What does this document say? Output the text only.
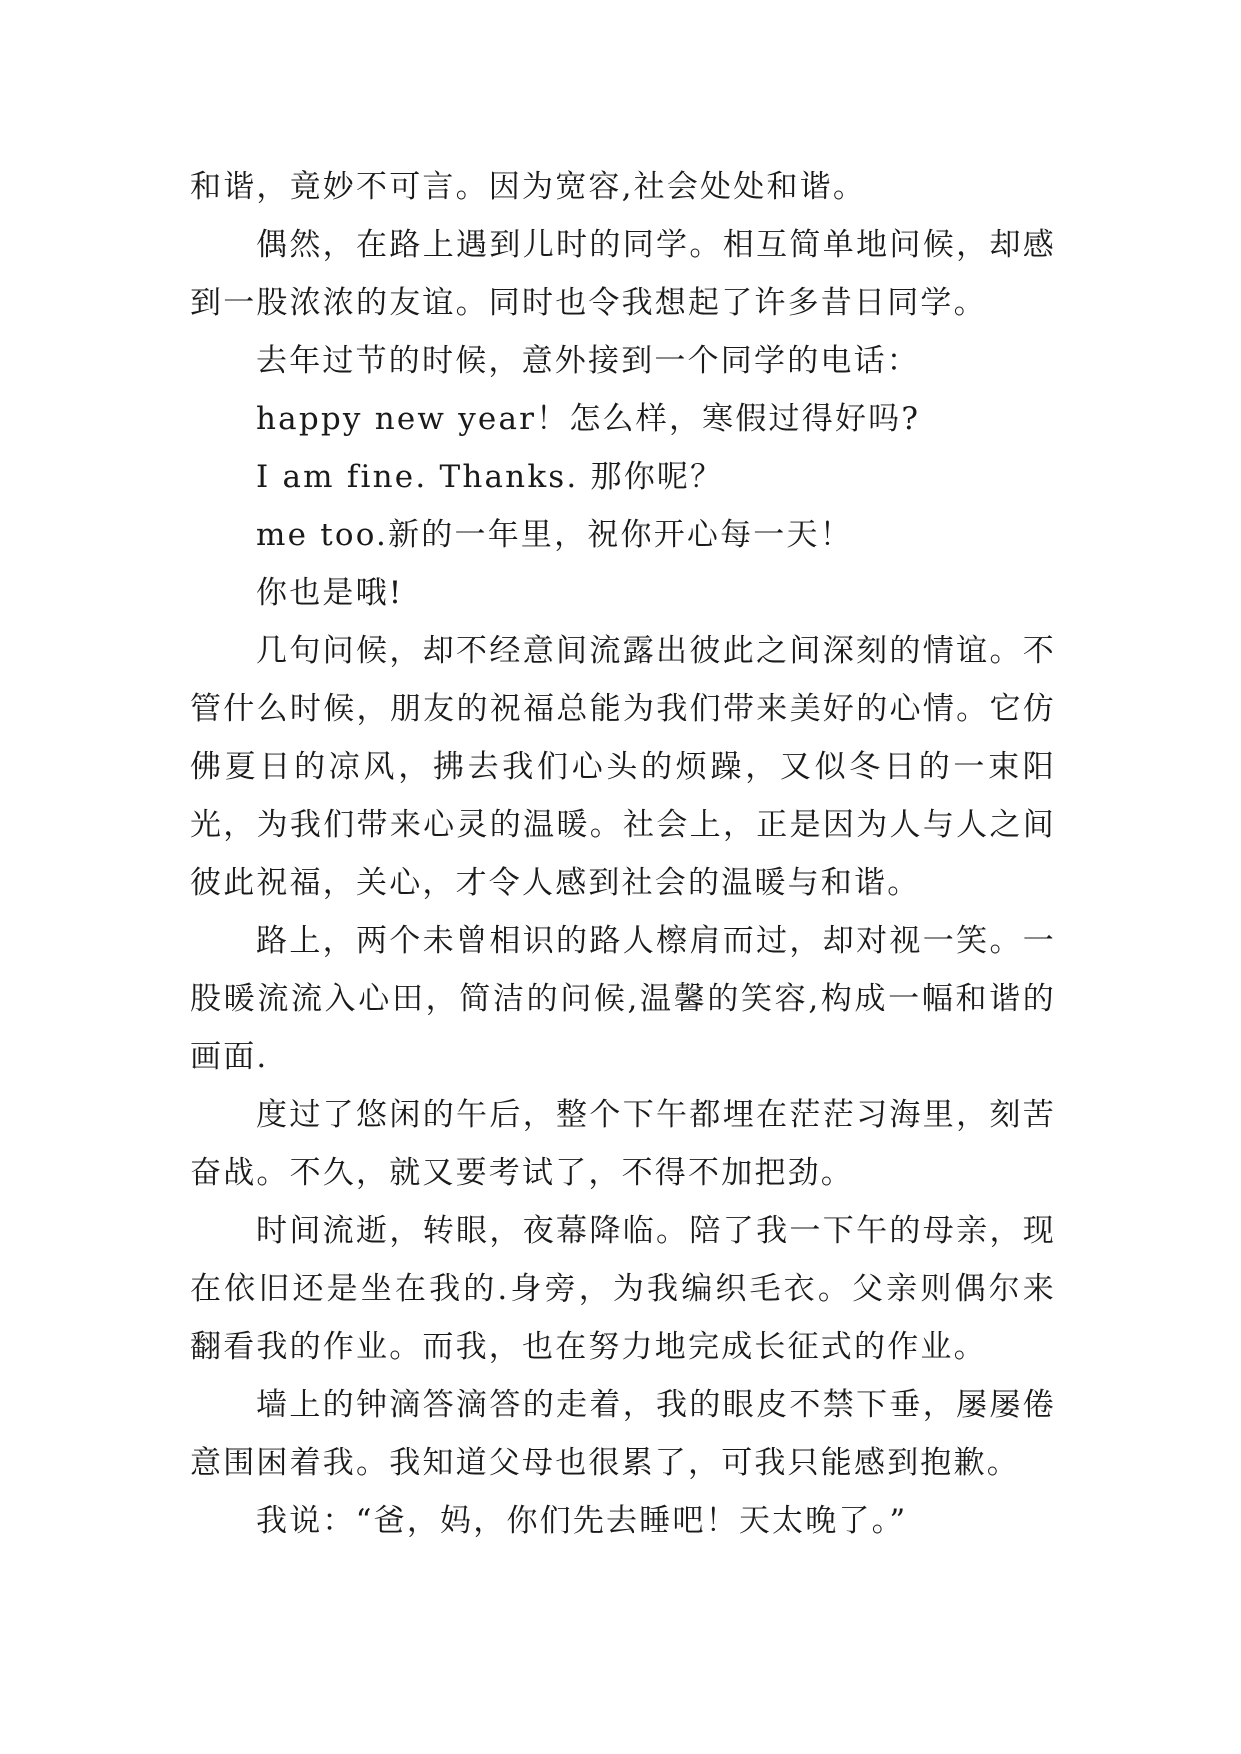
和谐，竟妙不可言。因为宽容,社会处处和谐。

偶然，在路上遇到儿时的同学。相互简单地问候，却感到一股浓浓的友谊。同时也令我想起了许多昔日同学。

去年过节的时候，意外接到一个同学的电话：

happy new year！怎么样，寒假过得好吗?

I am fine. Thanks. 那你呢？

me too.新的一年里，祝你开心每一天！

你也是哦!

几句问候，却不经意间流露出彼此之间深刻的情谊。不管什么时候，朋友的祝福总能为我们带来美好的心情。它仿佛夏日的凉风，拂去我们心头的烦躁，又似冬日的一束阳光，为我们带来心灵的温暖。社会上，正是因为人与人之间彼此祝福，关心，才令人感到社会的温暖与和谐。

路上，两个未曾相识的路人檫肩而过，却对视一笑。一股暖流流入心田，简洁的问候,温馨的笑容,构成一幅和谐的画面.

度过了悠闲的午后，整个下午都埋在茫茫习海里，刻苦奋战。不久，就又要考试了，不得不加把劲。

时间流逝，转眼，夜幕降临。陪了我一下午的母亲，现在依旧还是坐在我的.身旁，为我编织毛衣。父亲则偶尔来翻看我的作业。而我，也在努力地完成长征式的作业。

墙上的钟滴答滴答的走着，我的眼皮不禁下垂，屡屡倦意围困着我。我知道父母也很累了，可我只能感到抱歉。

我说：“爸，妈，你们先去睡吧！天太晚了。”
